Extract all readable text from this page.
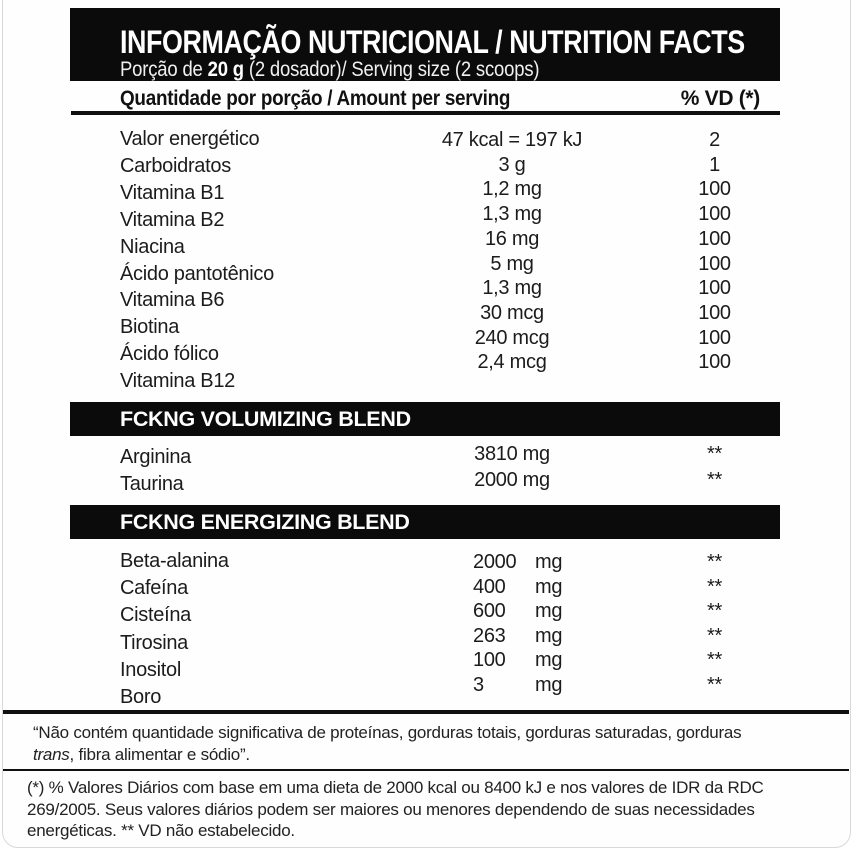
INFORMAÇÃO NUTRICIONAL / NUTRITION FACTS
Porção de 20 g (2 dosador)/ Serving size (2 scoops)
Quantidade por porção / Amount per serving	% VD (*)
Valor energético
Carboidratos
Vitamina B1
Vitamina B2
Niacina
Ácido pantotênico
Vitamina B6
Biotina
Ácido fólico
Vitamina B12
47 kcal = 197 kJ
3 g
1,2 mg
1,3 mg
16 mg
5 mg
1,3 mg
30 mcg
240 mcg
2,4 mcg
2
1
100
100
100
100
100
100
100
100
FCKNG VOLUMIZING BLEND
Arginina
Taurina
3810 mg
2000 mg
**
**
FCKNG ENERGIZING BLEND
Beta-alanina
Cafeína
Cisteína
Tirosina
Inositol
Boro
2000
400
600
263
100
3
mg
mg
mg
mg
mg
mg
**
**
**
**
**
**
“Não contém quantidade significativa de proteínas, gorduras totais, gorduras saturadas, gorduras
trans, fibra alimentar e sódio”.
(*) % Valores Diários com base em uma dieta de 2000 kcal ou 8400 kJ e nos valores de IDR da RDC
269/2005. Seus valores diários podem ser maiores ou menores dependendo de suas necessidades
energéticas. ** VD não estabelecido.
